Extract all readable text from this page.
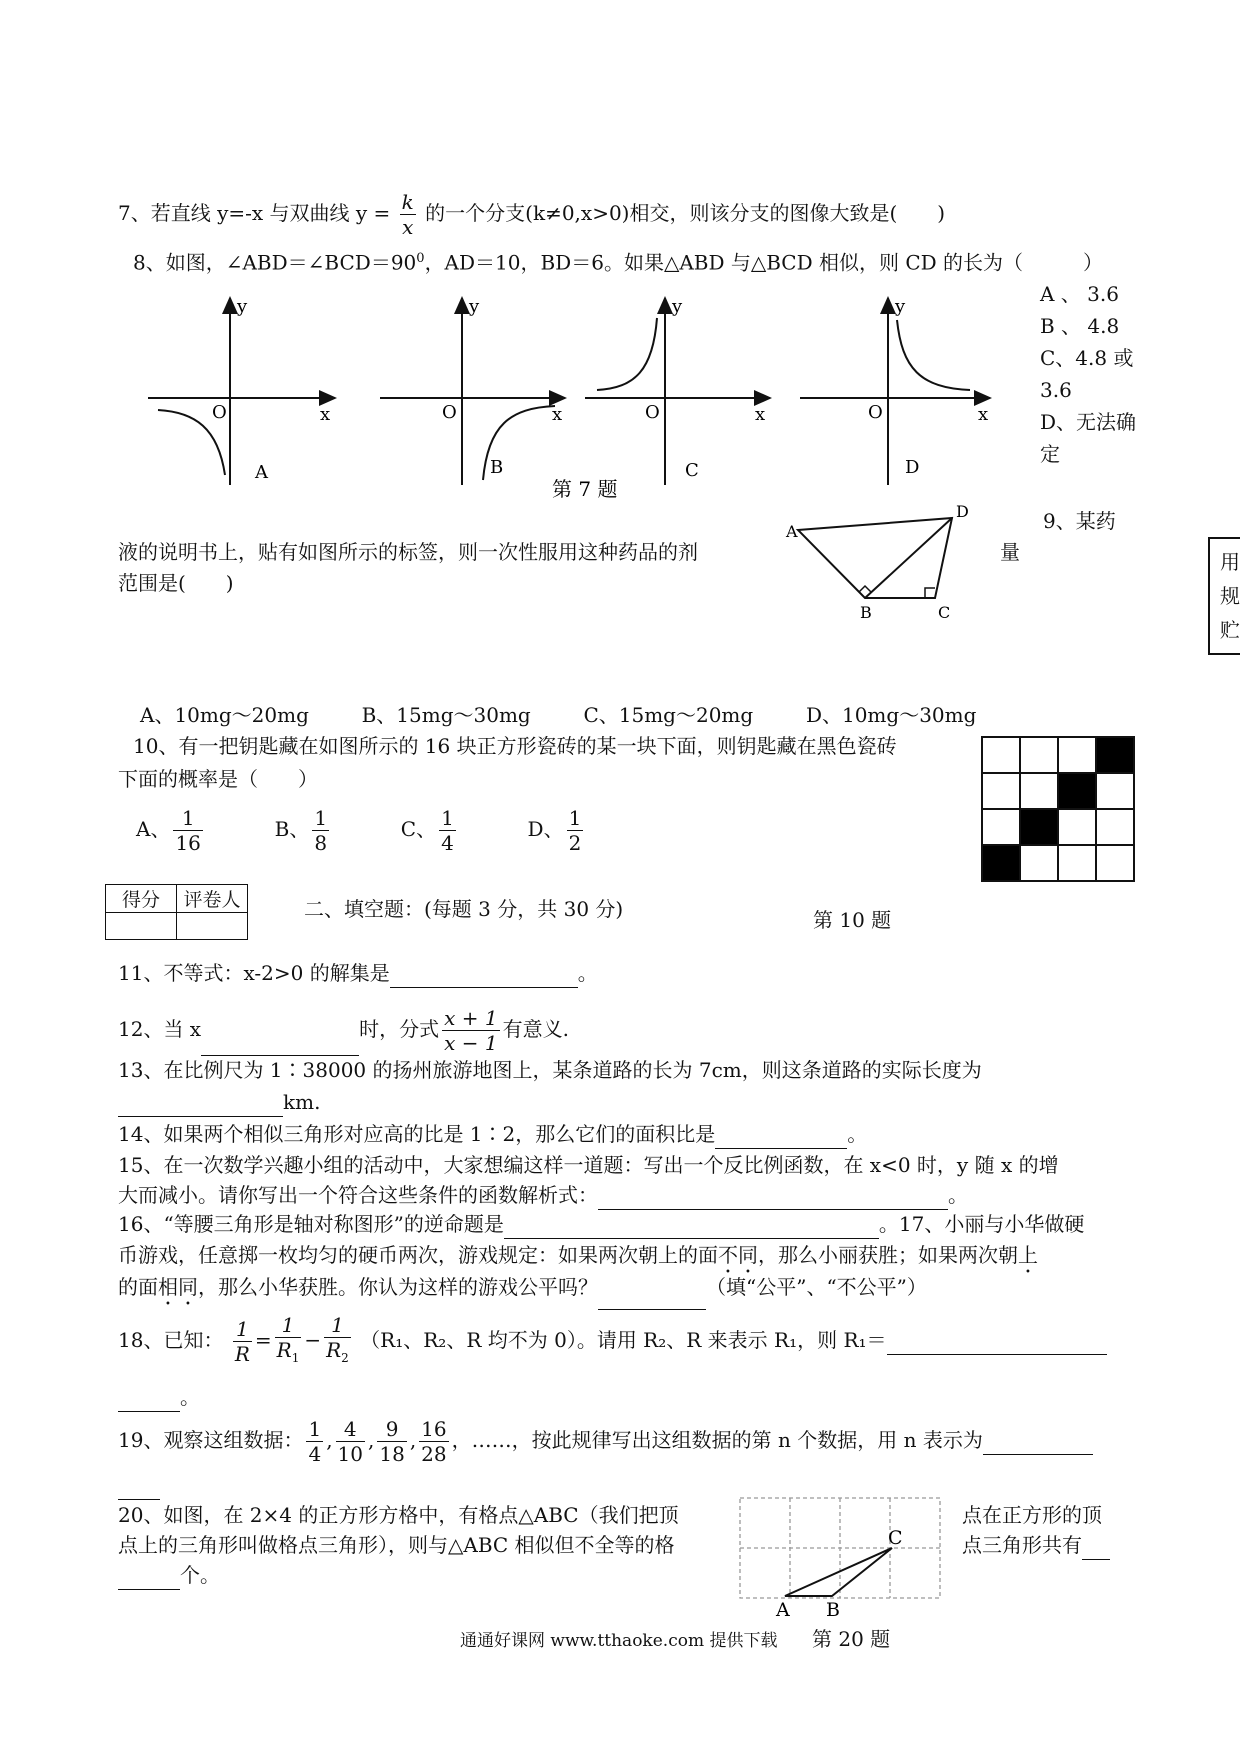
7、若直线 y=-x 与双曲线 $y = \frac{k}{x}$ 的一个分支(k≠0,x>0)相交，则该分支的图像大致是(　　)
8、如图，$\angle ABD=\angle BCD=90^0$，AD＝10，BD＝6。如果△ABD 与△BCD 相似，则 CD 的长为（　　　）
A 、 3.6
B 、 4.8
C、4.8 或
3.6
D、无法确
定
y
O	x
A
y
O	x
B
y
O	x
C
y
O	x
D
第 7 题
A
D
B	C
9、某药
液的说明书上，贴有如图所示的标签，则一次性服用这种药品的剂	量
范围是(　　)
A、10mg～20mg	B、15mg～30mg	C、15mg～20mg	D、10mg～30mg
用
规
贮
10、有一把钥匙藏在如图所示的 16 块正方形瓷砖的某一块下面，则钥匙藏在黑色瓷砖
下面的概率是（　　）
A、 $\frac{1}{16}$	B、 $\frac{1}{8}$	C、 $\frac{1}{4}$	D、 $\frac{1}{2}$
第 10 题
得分	评卷人
		二、填空题：(每题 3 分，共 30 分)
11、不等式：x-2>0 的解集是	。
12、当 x	时，分式 $\frac{x + 1}{x - 1}$ 有意义.
13、在比例尺为 1∶38000 的扬州旅游地图上，某条道路的长为 7cm，则这条道路的实际长度为
km.
14、如果两个相似三角形对应高的比是 1∶2，那么它们的面积比是	。
15、在一次数学兴趣小组的活动中，大家想编这样一道题：写出一个反比例函数，在 x<0 时，y 随 x 的增
大而减小。请你写出一个符合这些条件的函数解析式：	。
16、“等腰三角形是轴对称图形”的逆命题是	。17、小丽与小华做硬
币游戏，任意掷一枚均匀的硬币两次，游戏规定：如果两次朝上的面不同，那么小丽获胜；如果两次朝上
的面相同，那么小华获胜。你认为这样的游戏公平吗？	（填“公平”、“不公平”）
18、已知： $\frac{1}{R} = \frac{1}{R_1} - \frac{1}{R_2} (R_1$、R₂、R 均不为 0）。请用 R₂、R 来表示 R₁，则 R₁＝
。
19、观察这组数据： $\frac{1}{4}$ , $\frac{4}{10}$ , $\frac{9}{18}$ , $\frac{16}{28}$ ，……，按此规律写出这组数据的第 n 个数据，用 n 表示为
20、如图，在 2×4 的正方形方格中，有格点△ABC（我们把顶
点上的三角形叫做格点三角形），则与△ABC 相似但不全等的格
个。
点在正方形的顶
点三角形共有
A B
C
通通好课网 www.tthaoke.com 提供下载 第 20 题
